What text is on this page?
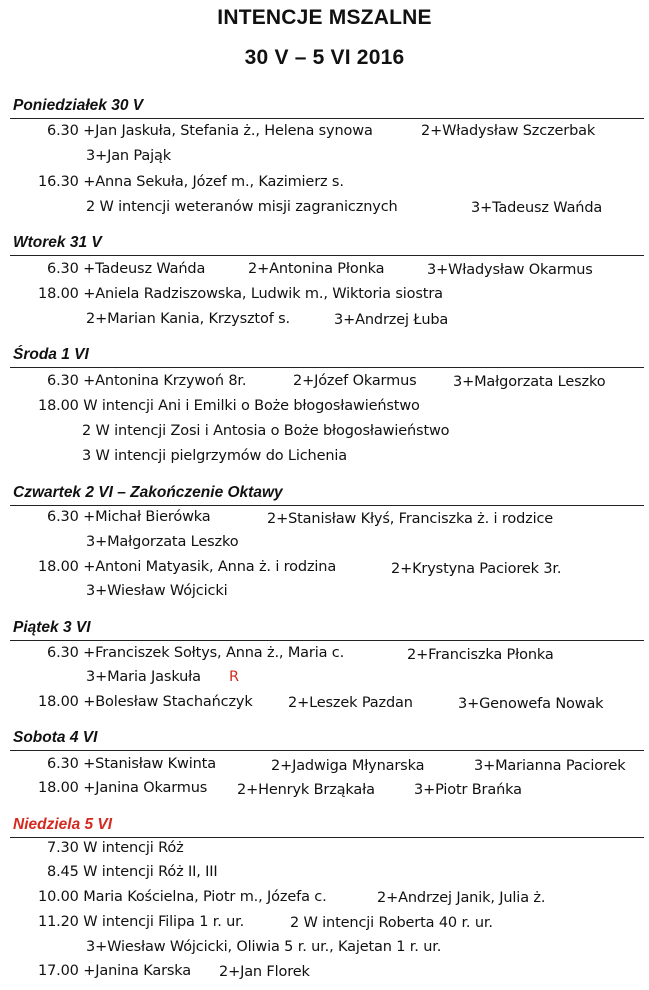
INTENCJE MSZALNE
30 V – 5 VI 2016
Poniedziałek 30 V
6.30 +Jan Jaskuła, Stefania ż., Helena synowa	2+Władysław Szczerbak
3+Jan Pająk
16.30 +Anna Sekuła, Józef m., Kazimierz s.
2 W intencji weteranów misji zagranicznych	3+Tadeusz Wańda
Wtorek 31 V
6.30 +Tadeusz Wańda	2+Antonina Płonka	3+Władysław Okarmus
18.00 +Aniela Radziszowska, Ludwik m., Wiktoria siostra
2+Marian Kania, Krzysztof s.	3+Andrzej Łuba
Środa 1 VI
6.30 +Antonina Krzywoń 8r.	2+Józef Okarmus	3+Małgorzata Leszko
18.00 W intencji Ani i Emilki o Boże błogosławieństwo
2 W intencji Zosi i Antosia o Boże błogosławieństwo
3 W intencji pielgrzymów do Lichenia
Czwartek 2 VI – Zakończenie Oktawy
6.30 +Michał Bierówka	2+Stanisław Kłyś, Franciszka ż. i rodzice
3+Małgorzata Leszko
18.00 +Antoni Matyasik, Anna ż. i rodzina	2+Krystyna Paciorek 3r.
3+Wiesław Wójcicki
Piątek 3 VI
6.30 +Franciszek Sołtys, Anna ż., Maria c.	2+Franciszka Płonka
3+Maria Jaskuła R
18.00 +Bolesław Stachańczyk 2+Leszek Pazdan	3+Genowefa Nowak
Sobota 4 VI
6.30 +Stanisław Kwinta	2+Jadwiga Młynarska	3+Marianna Paciorek
18.00 +Janina Okarmus 2+Henryk Brząkała	3+Piotr Brańka
Niedziela 5 VI
7.30 W intencji Róż
8.45 W intencji Róż II, III
10.00 Maria Kościelna, Piotr m., Józefa c.	2+Andrzej Janik, Julia ż.
11.20 W intencji Filipa 1 r. ur.	2 W intencji Roberta 40 r. ur.
3+Wiesław Wójcicki, Oliwia 5 r. ur., Kajetan 1 r. ur.
17.00 +Janina Karska 2+Jan Florek
